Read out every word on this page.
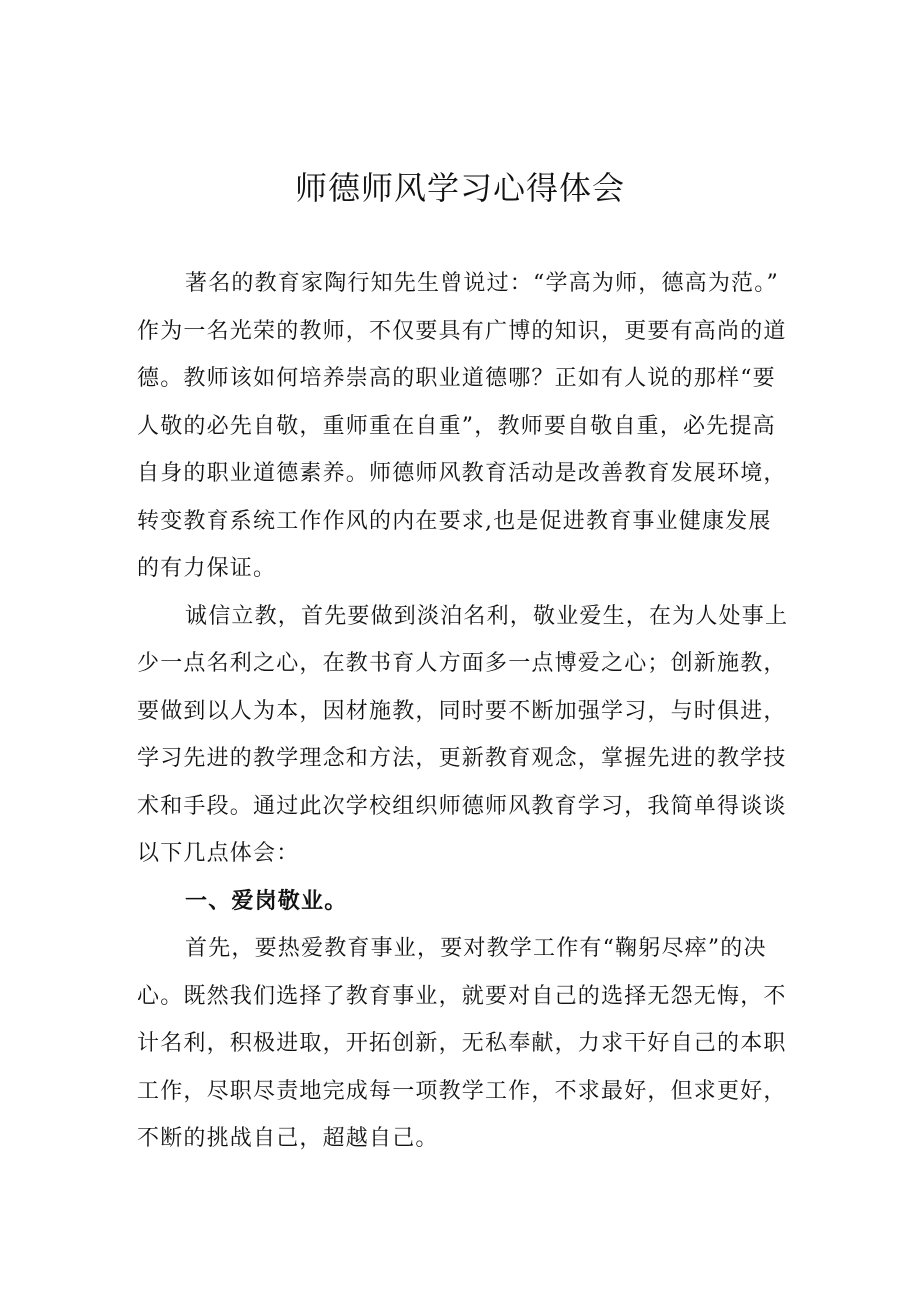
师德师风学习心得体会
著名的教育家陶行知先生曾说过：“学高为师，德高为范。”
作为一名光荣的教师，不仅要具有广博的知识，更要有高尚的道
德。教师该如何培养崇高的职业道德哪？正如有人说的那样“要
人敬的必先自敬，重师重在自重”，教师要自敬自重，必先提高
自身的职业道德素养。师德师风教育活动是改善教育发展环境，
转变教育系统工作作风的内在要求,也是促进教育事业健康发展
的有力保证。
诚信立教，首先要做到淡泊名利，敬业爱生，在为人处事上
少一点名利之心，在教书育人方面多一点博爱之心；创新施教，
要做到以人为本，因材施教，同时要不断加强学习，与时俱进，
学习先进的教学理念和方法，更新教育观念，掌握先进的教学技
术和手段。通过此次学校组织师德师风教育学习，我简单得谈谈
以下几点体会：
一、爱岗敬业。
首先，要热爱教育事业，要对教学工作有“鞠躬尽瘁”的决
心。既然我们选择了教育事业，就要对自己的选择无怨无悔，不
计名利，积极进取，开拓创新，无私奉献，力求干好自己的本职
工作，尽职尽责地完成每一项教学工作，不求最好，但求更好，
不断的挑战自己，超越自己。
